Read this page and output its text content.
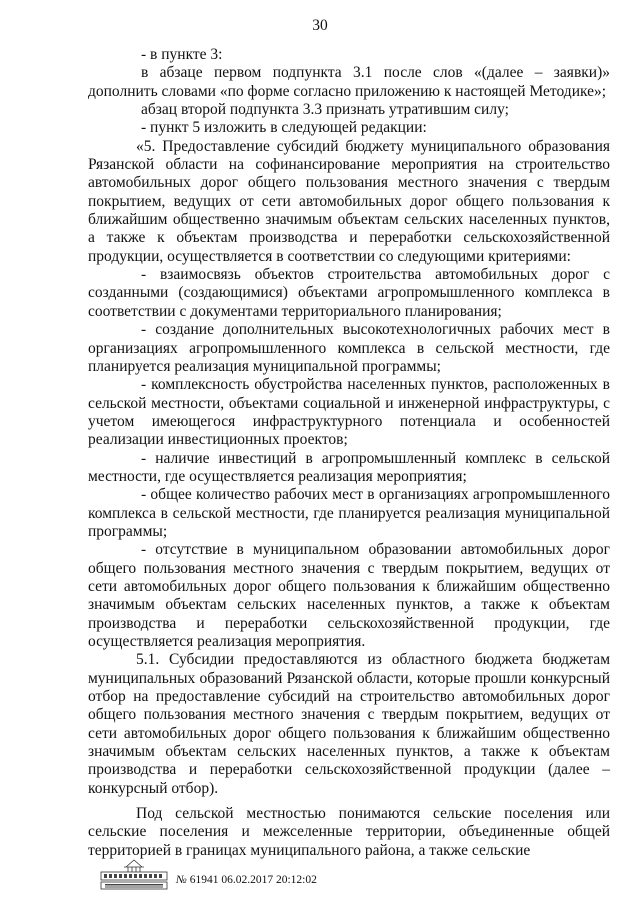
30

- в пункте 3:

в абзаце первом подпункта 3.1 после слов «(далее – заявки)» дополнить словами «по форме согласно приложению к настоящей Методике»;

абзац второй подпункта 3.3 признать утратившим силу;

- пункт 5 изложить в следующей редакции:

«5. Предоставление субсидий бюджету муниципального образования Рязанской области на софинансирование мероприятия на строительство автомобильных дорог общего пользования местного значения с твердым покрытием, ведущих от сети автомобильных дорог общего пользования к ближайшим общественно значимым объектам сельских населенных пунктов, а также к объектам производства и переработки сельскохозяйственной продукции, осуществляется в соответствии со следующими критериями:

- взаимосвязь объектов строительства автомобильных дорог с созданными (создающимися) объектами агропромышленного комплекса в соответствии с документами территориального планирования;

- создание дополнительных высокотехнологичных рабочих мест в организациях агропромышленного комплекса в сельской местности, где планируется реализация муниципальной программы;

- комплексность обустройства населенных пунктов, расположенных в сельской местности, объектами социальной и инженерной инфраструктуры, с учетом имеющегося инфраструктурного потенциала и особенностей реализации инвестиционных проектов;

- наличие инвестиций в агропромышленный комплекс в сельской местности, где осуществляется реализация мероприятия;

- общее количество рабочих мест в организациях агропромышленного комплекса в сельской местности, где планируется реализация муниципальной программы;

- отсутствие в муниципальном образовании автомобильных дорог общего пользования местного значения с твердым покрытием, ведущих от сети автомобильных дорог общего пользования к ближайшим общественно значимым объектам сельских населенных пунктов, а также к объектам производства и переработки сельскохозяйственной продукции, где осуществляется реализация мероприятия.

5.1. Субсидии предоставляются из областного бюджета бюджетам муниципальных образований Рязанской области, которые прошли конкурсный отбор на предоставление субсидий на строительство автомобильных дорог общего пользования местного значения с твердым покрытием, ведущих от сети автомобильных дорог общего пользования к ближайшим общественно значимым объектам сельских населенных пунктов, а также к объектам производства и переработки сельскохозяйственной продукции (далее – конкурсный отбор).

Под сельской местностью понимаются сельские поселения или сельские поселения и межселенные территории, объединенные общей территорией в границах муниципального района, а также сельские

№ 61941 06.02.2017 20:12:02
